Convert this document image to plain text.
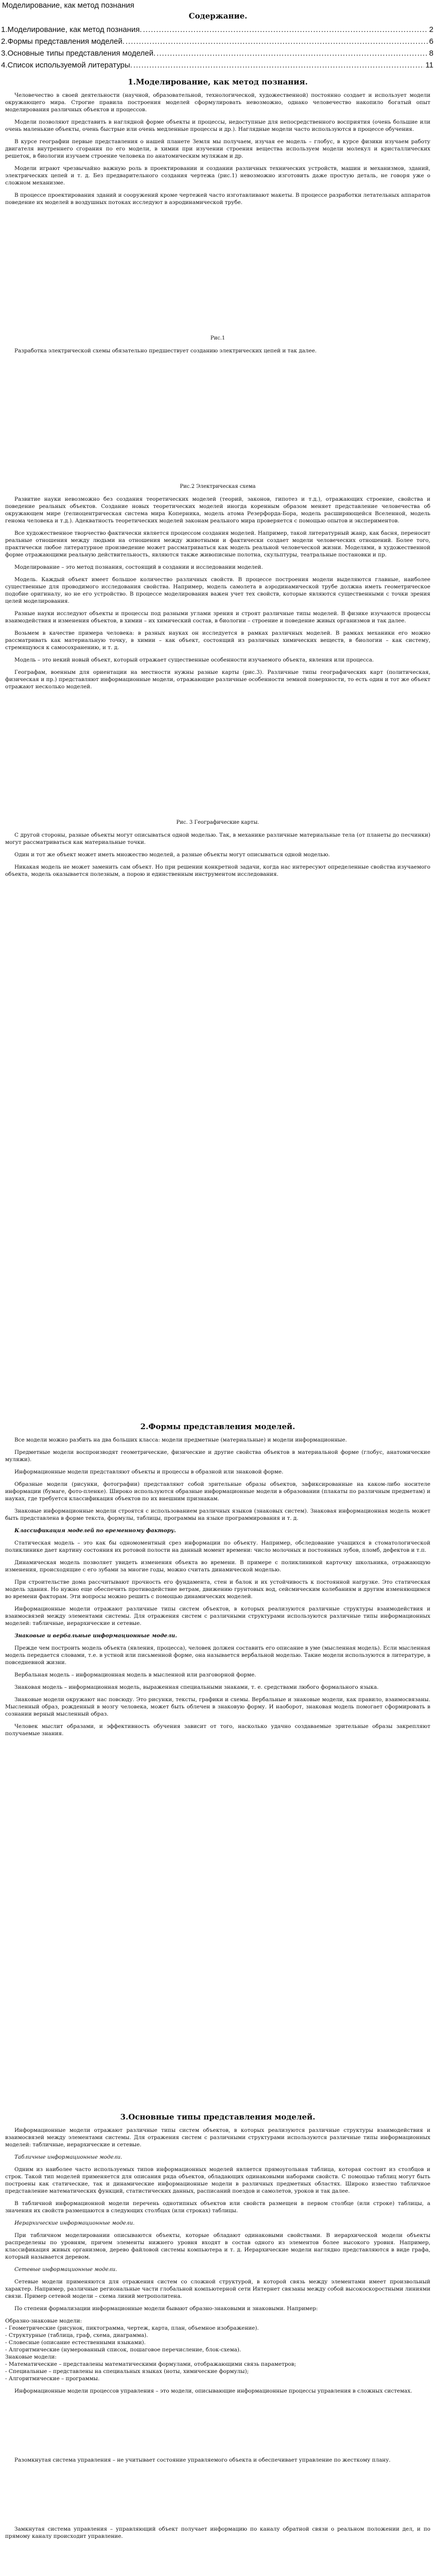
Моделирование, как метод познания
Содержание.
1.Моделирование, как метод познания. .....	2
2.Формы представления моделей. .....	6
3.Основные типы представления моделей. .....	8
4.Список используемой литературы. .....	11
1.Моделирование, как метод познания.

Человечество в своей деятельности (научной, образовательной, технологической, художественной) постоянно создает и использует модели окружающего мира. Строгие правила построения моделей сформулировать невозможно, однако человечество накопило богатый опыт моделирования различных объектов и процессов.

Модели позволяют представить в наглядной форме объекты и процессы, недоступные для непосредственного восприятия (очень большие или очень маленькие объекты, очень быстрые или очень медленные процессы и др.). Наглядные модели часто используются в процессе обучения.

В курсе географии первые представления о нашей планете Земля мы получаем, изучая ее модель – глобус, в курсе физики изучаем работу двигателя внутреннего сгорания по его модели, в химии при изучении строения вещества используем модели молекул и кристаллических решеток, в биологии изучаем строение человека по анатомическим муляжам и др.

Модели играют чрезвычайно важную роль в проектировании и создании различных технических устройств, машин и механизмов, зданий, электрических цепей и т. д. Без предварительного создания чертежа (рис.1) невозможно изготовить даже простую деталь, не говоря уже о сложном механизме.

В процессе проектирования зданий и сооружений кроме чертежей часто изготавливают макеты. В процессе разработки летательных аппаратов поведение их моделей в воздушных потоках исследуют в аэродинамической трубе.

Рис.1

Разработка электрической схемы обязательно предшествует созданию электрических цепей и так далее.

Рис.2 Электрическая схема

Развитие науки невозможно без создания теоретических моделей (теорий, законов, гипотез и т.д.), отражающих строение, свойства и поведение реальных объектов. Создание новых теоретических моделей иногда коренным образом меняет представление человечества об окружающем мире (гелиоцентрическая система мира Коперника, модель атома Резерфорда-Бора, модель расширяющейся Вселенной, модель генома человека и т.д.). Адекватность теоретических моделей законам реального мира проверяется с помощью опытов и экспериментов.

Все художественное творчество фактически является процессом создания моделей. Например, такой литературный жанр, как басня, переносит реальные отношения между людьми на отношения между животными и фактически создает модели человеческих отношений. Более того, практически любое литературное произведение может рассматриваться как модель реальной человеческой жизни. Моделями, в художественной форме отражающими реальную действительность, являются также живописные полотна, скульптуры, театральные постановки и пр.

Моделирование – это метод познания, состоящий в создании и исследовании моделей.

Модель. Каждый объект имеет большое количество различных свойств. В процессе построения модели выделяются главные, наиболее существенные для проводимого исследования свойства. Например, модель самолета в аэродинамической трубе должна иметь геометрическое подобие оригиналу, но не его устройство. В процессе моделирования важен учет тех свойств, которые являются существенными с точки зрения целей моделирования.

Разные науки исследуют объекты и процессы под разными углами зрения и строят различные типы моделей. В физике изучаются процессы взаимодействия и изменения объектов, в химии – их химический состав, в биологии – строение и поведение живых организмов и так далее.

Возьмем в качестве примера человека: в разных науках он исследуется в рамках различных моделей. В рамках механики его можно рассматривать как материальную точку, в химии – как объект, состоящий из различных химических веществ, в биологии – как систему, стремящуюся к самосохранению, и т. д.

Модель – это некий новый объект, который отражает существенные особенности изучаемого объекта, явления или процесса.

Географам, военным для ориентации на местности нужны разные карты (рис.3). Различные типы географических карт (политическая, физическая и пр.) представляют информационные модели, отражающие различные особенности земной поверхности, то есть один и тот же объект отражают несколько моделей.

Рис. 3 Географические карты.

С другой стороны, разные объекты могут описываться одной моделью. Так, в механике различные материальные тела (от планеты до песчинки) могут рассматриваться как материальные точки.

Один и тот же объект может иметь множество моделей, а разные объекты могут описываться одной моделью.

Никакая модель не может заменить сам объект. Но при решении конкретной задачи, когда нас интересуют определенные свойства изучаемого объекта, модель оказывается полезным, а порою и единственным инструментом исследования.

2.Формы представления моделей.

Все модели можно разбить на два больших класса: модели предметные (материальные) и модели информационные.

Предметные модели воспроизводят геометрические, физические и другие свойства объектов в материальной форме (глобус, анатомические муляжи).

Информационные модели представляют объекты и процессы в образной или знаковой форме.

Образные модели (рисунки, фотографии) представляют собой зрительные образы объектов, зафиксированные на каком-либо носителе информации (бумаге, фото-пленке). Широко используются образные информационные модели в образовании (плакаты по различным предметам) и науках, где требуется классификация объектов по их внешним признакам.

Знаковые информационные модели строятся с использованием различных языков (знаковых систем). Знаковая информационная модель может быть представлена в форме текста, формулы, таблицы, программы на языке программирования и т. д.

Классификация моделей по временному фактору.

Статическая модель – это как бы одномоментный срез информации по объекту. Например, обследование учащихся в стоматологической поликлинике дает картину состояния их ротовой полости на данный момент времени: число молочных и постоянных зубов, пломб, дефектов и т.п.

Динамическая модель позволяет увидеть изменения объекта во времени. В примере с поликлиникой карточку школьника, отражающую изменения, происходящие с его зубами за многие годы, можно считать динамической моделью.

При строительстве дома рассчитывают прочность его фундамента, стен и балок и их устойчивость к постоянной нагрузке. Это статическая модель здания. Но нужно еще обеспечить противодействие ветрам, движению грунтовых вод, сейсмическим колебаниям и другим изменяющимся во времени факторам. Эти вопросы можно решить с помощью динамических моделей.

Информационные модели отражают различные типы систем объектов, в которых реализуются различные структуры взаимодействия и взаимосвязей между элементами системы. Для отражения систем с различными структурами используются различные типы информационных моделей: табличные, иерархические и сетевые.

Знаковые и вербальные информационные модели.

Прежде чем построить модель объекта (явления, процесса), человек должен составить его описание в уме (мысленная модель). Если мысленная модель передается словами, т.е. в устной или письменной форме, она называется вербальной моделью. Такие модели используются в литературе, в повседневной жизни.

Вербальная модель – информационная модель в мысленной или разговорной форме.

Знаковая модель – информационная модель, выраженная специальными знаками, т. е. средствами любого формального языка.

Знаковые модели окружают нас повсюду. Это рисунки, тексты, графики и схемы. Вербальные и знаковые модели, как правило, взаимосвязаны. Мысленный образ, рожденный в мозгу человека, может быть облечен в знаковую форму. И наоборот, знаковая модель помогает сформировать в сознании верный мысленный образ.

Человек мыслит образами, и эффективность обучения зависит от того, насколько удачно создаваемые зрительные образы закрепляют получаемые знания.

3.Основные типы представления моделей.

Информационные модели отражают различные типы систем объектов, в которых реализуются различные структуры взаимодействия и взаимосвязей между элементами системы. Для отражения систем с различными структурами используются различные типы информационных моделей: табличные, иерархические и сетевые.

Табличные информационные модели.

Одним из наиболее часто используемых типов информационных моделей является прямоугольная таблица, которая состоит из столбцов и строк. Такой тип моделей применяется для описания ряда объектов, обладающих одинаковыми наборами свойств. С помощью таблиц могут быть построены как статические, так и динамические информационные модели в различных предметных областях. Широко известно табличное представление математических функций, статистических данных, расписаний поездов и самолетов, уроков и так далее.

В табличной информационной модели перечень однотипных объектов или свойств размещен в первом столбце (или строке) таблицы, а значения их свойств размещаются в следующих столбцах (или строках) таблицы.

Иерархические информационные модели.

При табличном моделировании описываются объекты, которые обладают одинаковыми свойствами. В иерархической модели объекты распределены по уровням, причем элементы нижнего уровня входят в состав одного из элементов более высокого уровня. Например, классификация живых организмов, дерево файловой системы компьютера и т. д. Иерархические модели наглядно представляются в виде графа, который называется деревом.

Сетевые информационные модели.

Сетевые модели применяются для отражения систем со сложной структурой, в которой связь между элементами имеет произвольный характер. Например, различные региональные части глобальной компьютерной сети Интернет связаны между собой высокоскоростными линиями связи. Пример сетевой модели – схема линий метрополитена.

По степени формализации информационные модели бывают образно-знаковыми и знаковыми. Например:

Образно-знаковые модели:
- Геометрические (рисунок, пиктограмма, чертеж, карта, план, объемное изображение).
- Структурные (таблица, граф, схема, диаграмма).
- Словесные (описание естественными языками).
- Алгоритмические (нумерованный список, пошаговое перечисление, блок-схема).
Знаковые модели:
- Математические – представлены математическими формулами, отображающими связь параметров;
- Специальные – представлены на специальных языках (ноты, химические формулы);
- Алгоритмические – программы.

Информационные модели процессов управления – это модели, описывающие информационные процессы управления в сложных системах.

Разомкнутая система управления – не учитывает состояние управляемого объекта и обеспечивает управление по жесткому плану.

Замкнутая система управления – управляющий объект получает информацию по каналу обратной связи о реальном положении дел, и по прямому каналу происходит управление.
